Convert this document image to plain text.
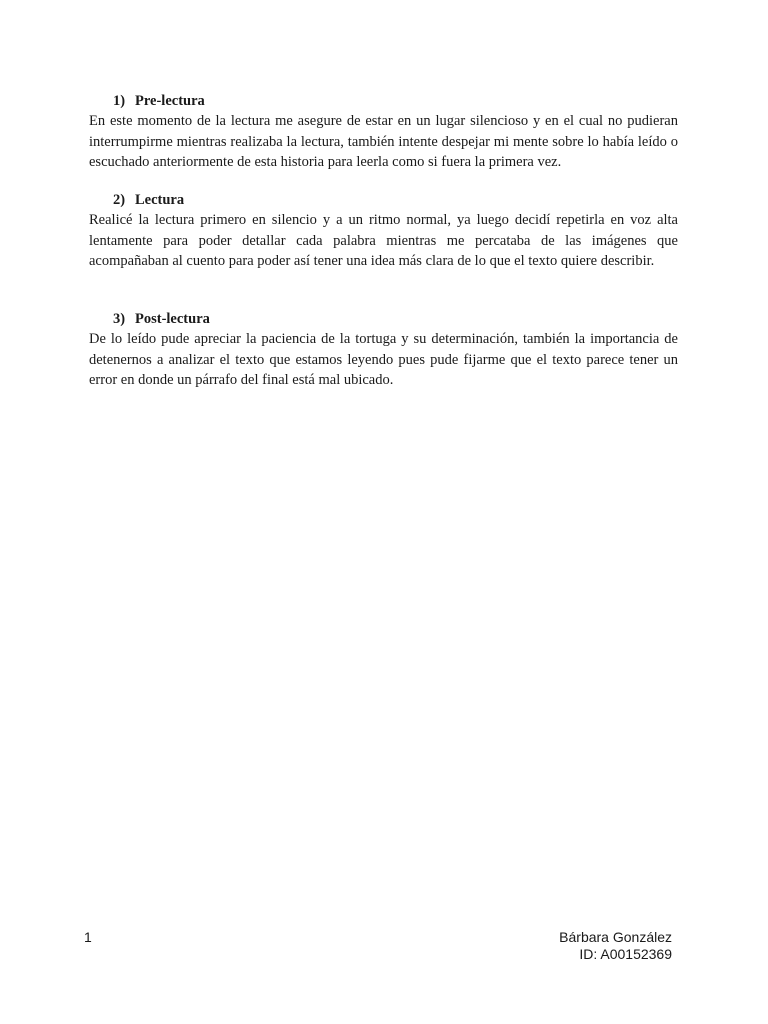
1) Pre-lectura

En este momento de la lectura me asegure de estar en un lugar silencioso y en el cual no pudieran interrumpirme mientras realizaba la lectura, también intente despejar mi mente sobre lo había leído o escuchado anteriormente de esta historia para leerla como si fuera la primera vez.

2) Lectura

Realicé la lectura primero en silencio y a un ritmo normal, ya luego decidí repetirla en voz alta lentamente para poder detallar cada palabra mientras me percataba de las imágenes que acompañaban al cuento para poder así tener una idea más clara de lo que el texto quiere describir.

3) Post-lectura

De lo leído pude apreciar la paciencia de la tortuga y su determinación, también la importancia de detenernos a analizar el texto que estamos leyendo pues pude fijarme que el texto parece tener un error en donde un párrafo del final está mal ubicado.

1	Bárbara González
ID: A00152369
